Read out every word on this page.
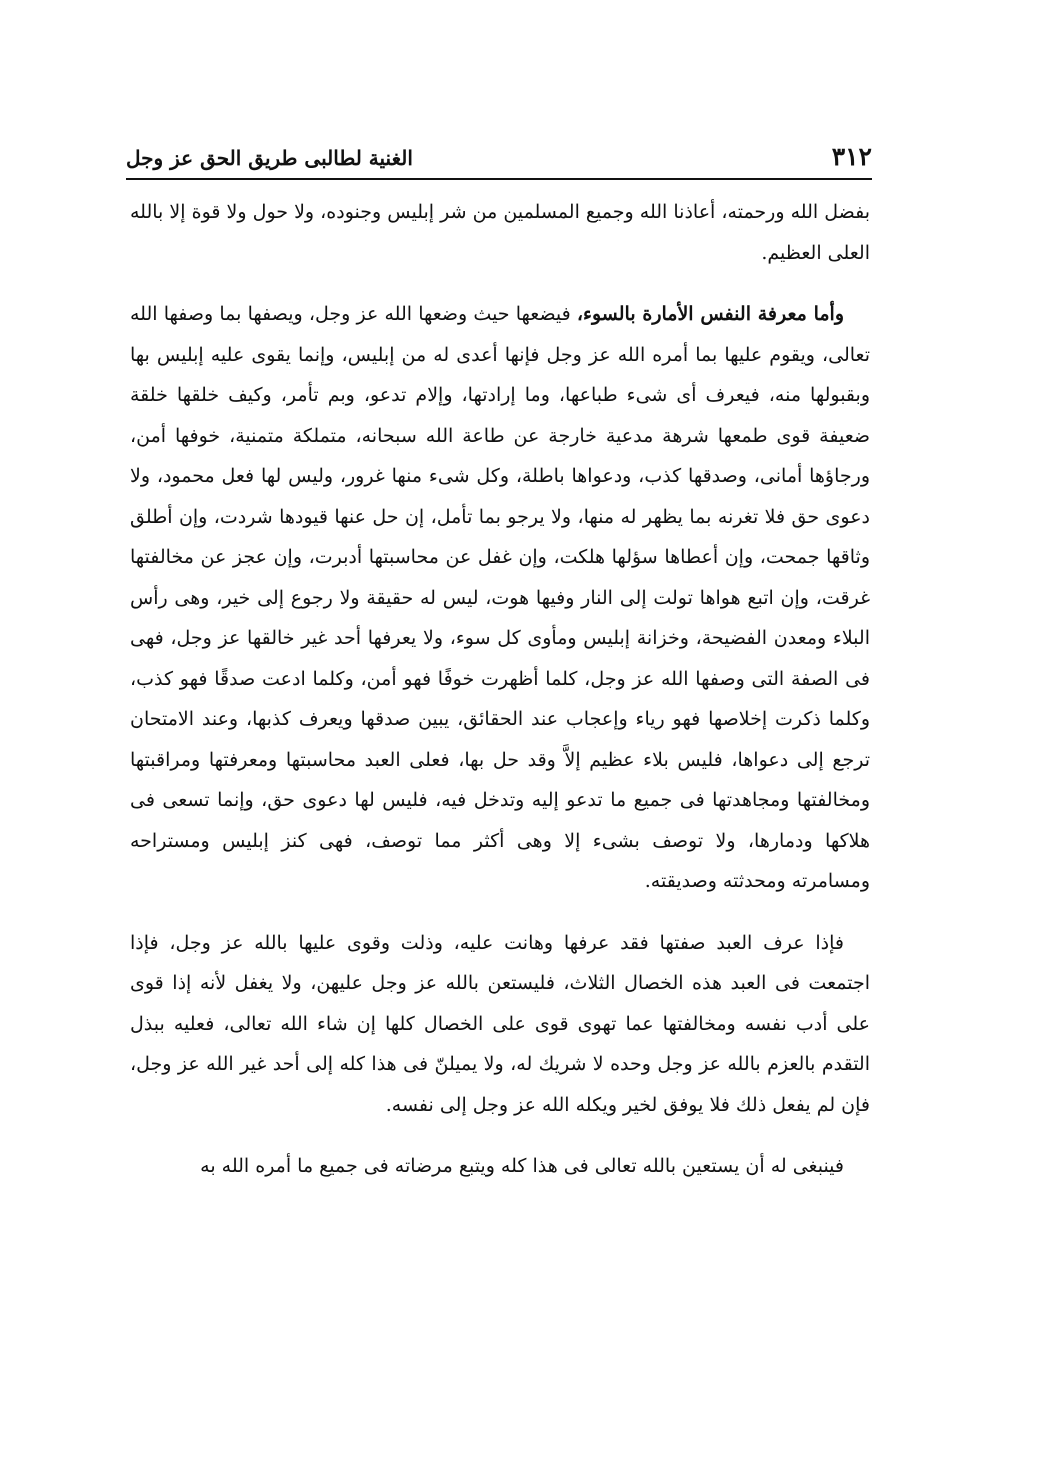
٣١٢
الغنية لطالبى طريق الحق عز وجل

بفضل الله ورحمته، أعاذنا الله وجميع المسلمين من شر إبليس وجنوده، ولا حول ولا قوة إلا بالله العلى العظيم.

وأما معرفة النفس الأمارة بالسوء، فيضعها حيث وضعها الله عز وجل، ويصفها بما وصفها الله تعالى، ويقوم عليها بما أمره الله عز وجل فإنها أعدى له من إبليس، وإنما يقوى عليه إبليس بها وبقبولها منه، فيعرف أى شىء طباعها، وما إرادتها، وإلام تدعو، وبم تأمر، وكيف خلقها خلقة ضعيفة قوى طمعها شرهة مدعية خارجة عن طاعة الله سبحانه، متملكة متمنية، خوفها أمن، ورجاؤها أمانى، وصدقها كذب، ودعواها باطلة، وكل شىء منها غرور، وليس لها فعل محمود، ولا دعوى حق فلا تغرنه بما يظهر له منها، ولا يرجو بما تأمل، إن حل عنها قيودها شردت، وإن أطلق وثاقها جمحت، وإن أعطاها سؤلها هلكت، وإن غفل عن محاسبتها أدبرت، وإن عجز عن مخالفتها غرقت، وإن اتبع هواها تولت إلى النار وفيها هوت، ليس له حقيقة ولا رجوع إلى خير، وهى رأس البلاء ومعدن الفضيحة، وخزانة إبليس ومأوى كل سوء، ولا يعرفها أحد غير خالقها عز وجل، فهى فى الصفة التى وصفها الله عز وجل، كلما أظهرت خوفًا فهو أمن، وكلما ادعت صدقًا فهو كذب، وكلما ذكرت إخلاصها فهو رياء وإعجاب عند الحقائق، يبين صدقها ويعرف كذبها، وعند الامتحان ترجع إلى دعواها، فليس بلاء عظيم إلاَّ وقد حل بها، فعلى العبد محاسبتها ومعرفتها ومراقبتها ومخالفتها ومجاهدتها فى جميع ما تدعو إليه وتدخل فيه، فليس لها دعوى حق، وإنما تسعى فى هلاكها ودمارها، ولا توصف بشىء إلا وهى أكثر مما توصف، فهى كنز إبليس ومستراحه ومسامرته ومحدثته وصديقته.

فإذا عرف العبد صفتها فقد عرفها وهانت عليه، وذلت وقوى عليها بالله عز وجل، فإذا اجتمعت فى العبد هذه الخصال الثلاث، فليستعن بالله عز وجل عليهن، ولا يغفل لأنه إذا قوى على أدب نفسه ومخالفتها عما تهوى قوى على الخصال كلها إن شاء الله تعالى، فعليه ببذل التقدم بالعزم بالله عز وجل وحده لا شريك له، ولا يميلنّ فى هذا كله إلى أحد غير الله عز وجل، فإن لم يفعل ذلك فلا يوفق لخير ويكله الله عز وجل إلى نفسه.

فينبغى له أن يستعين بالله تعالى فى هذا كله ويتبع مرضاته فى جميع ما أمره الله به
